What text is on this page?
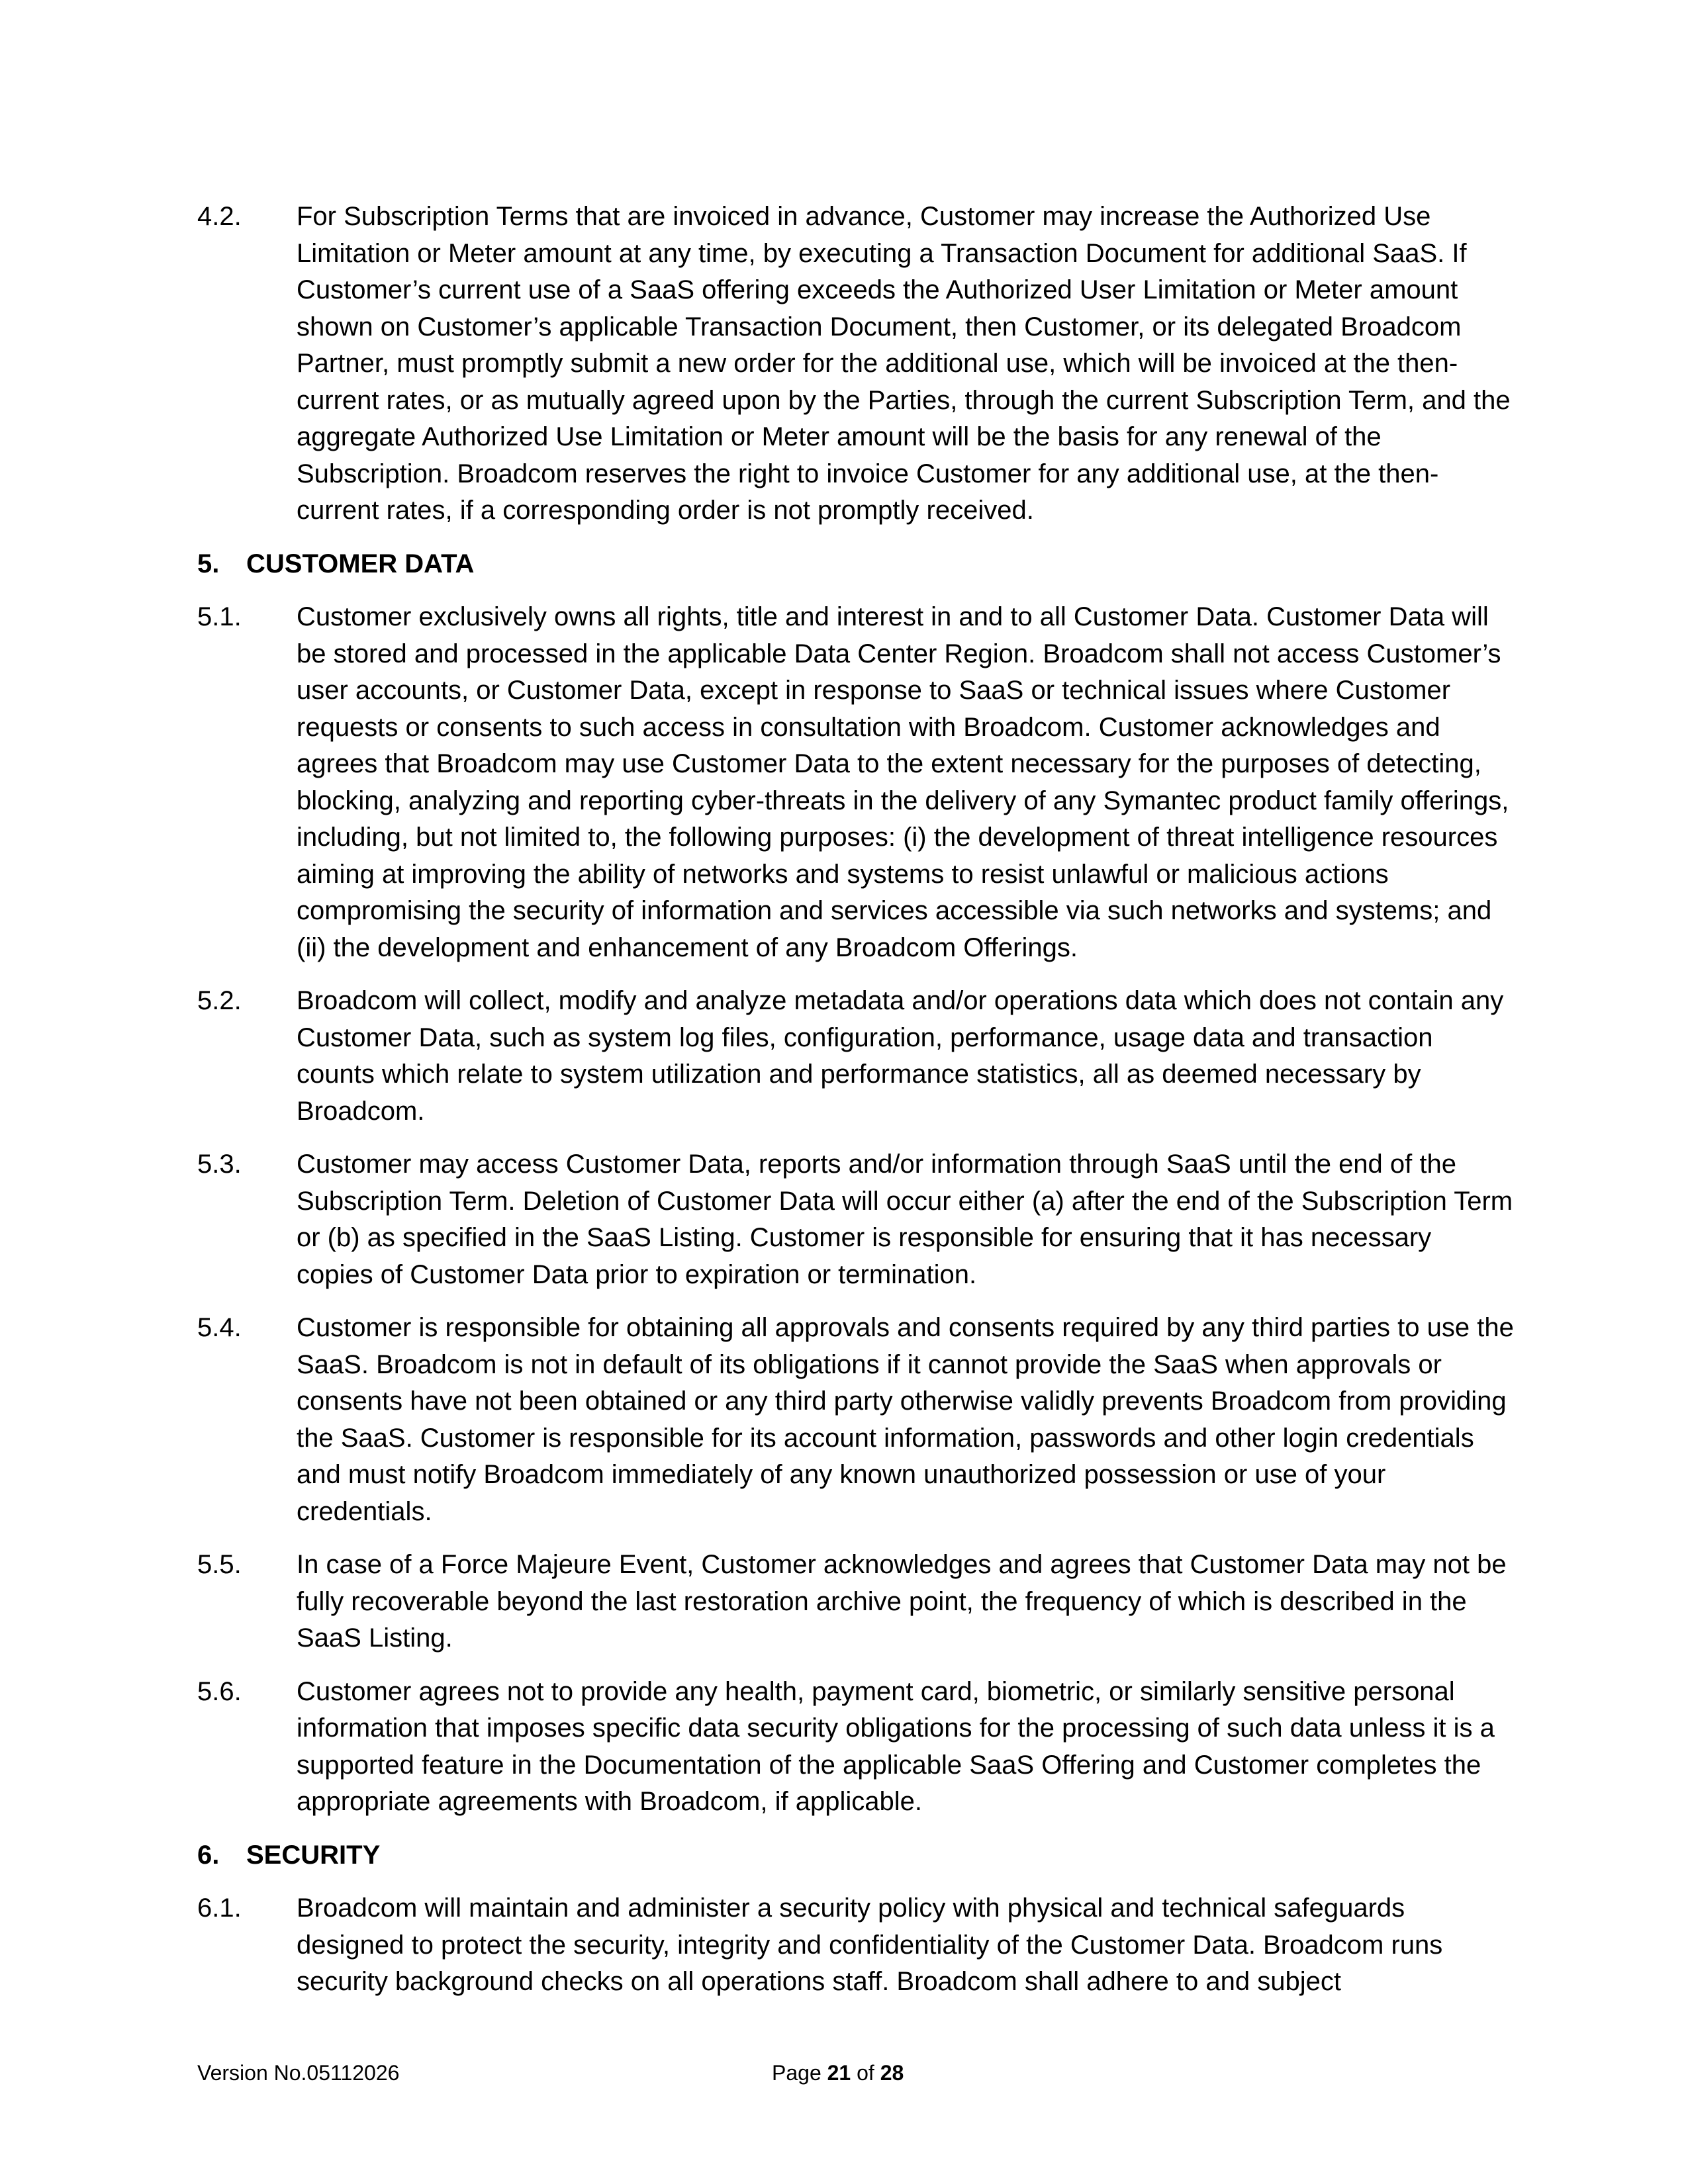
4.2. For Subscription Terms that are invoiced in advance, Customer may increase the Authorized Use Limitation or Meter amount at any time, by executing a Transaction Document for additional SaaS. If Customer’s current use of a SaaS offering exceeds the Authorized User Limitation or Meter amount shown on Customer’s applicable Transaction Document, then Customer, or its delegated Broadcom Partner, must promptly submit a new order for the additional use, which will be invoiced at the then-current rates, or as mutually agreed upon by the Parties, through the current Subscription Term, and the aggregate Authorized Use Limitation or Meter amount will be the basis for any renewal of the Subscription. Broadcom reserves the right to invoice Customer for any additional use, at the then-current rates, if a corresponding order is not promptly received.
5. CUSTOMER DATA
5.1. Customer exclusively owns all rights, title and interest in and to all Customer Data. Customer Data will be stored and processed in the applicable Data Center Region. Broadcom shall not access Customer’s user accounts, or Customer Data, except in response to SaaS or technical issues where Customer requests or consents to such access in consultation with Broadcom. Customer acknowledges and agrees that Broadcom may use Customer Data to the extent necessary for the purposes of detecting, blocking, analyzing and reporting cyber-threats in the delivery of any Symantec product family offerings, including, but not limited to, the following purposes: (i) the development of threat intelligence resources aiming at improving the ability of networks and systems to resist unlawful or malicious actions compromising the security of information and services accessible via such networks and systems; and (ii) the development and enhancement of any Broadcom Offerings.
5.2. Broadcom will collect, modify and analyze metadata and/or operations data which does not contain any Customer Data, such as system log files, configuration, performance, usage data and transaction counts which relate to system utilization and performance statistics, all as deemed necessary by Broadcom.
5.3. Customer may access Customer Data, reports and/or information through SaaS until the end of the Subscription Term. Deletion of Customer Data will occur either (a) after the end of the Subscription Term or (b) as specified in the SaaS Listing. Customer is responsible for ensuring that it has necessary copies of Customer Data prior to expiration or termination.
5.4. Customer is responsible for obtaining all approvals and consents required by any third parties to use the SaaS. Broadcom is not in default of its obligations if it cannot provide the SaaS when approvals or consents have not been obtained or any third party otherwise validly prevents Broadcom from providing the SaaS. Customer is responsible for its account information, passwords and other login credentials and must notify Broadcom immediately of any known unauthorized possession or use of your credentials.
5.5. In case of a Force Majeure Event, Customer acknowledges and agrees that Customer Data may not be fully recoverable beyond the last restoration archive point, the frequency of which is described in the SaaS Listing.
5.6. Customer agrees not to provide any health, payment card, biometric, or similarly sensitive personal information that imposes specific data security obligations for the processing of such data unless it is a supported feature in the Documentation of the applicable SaaS Offering and Customer completes the appropriate agreements with Broadcom, if applicable.
6. SECURITY
6.1. Broadcom will maintain and administer a security policy with physical and technical safeguards designed to protect the security, integrity and confidentiality of the Customer Data. Broadcom runs security background checks on all operations staff. Broadcom shall adhere to and subject
Version No.05112026	Page 21 of 28
